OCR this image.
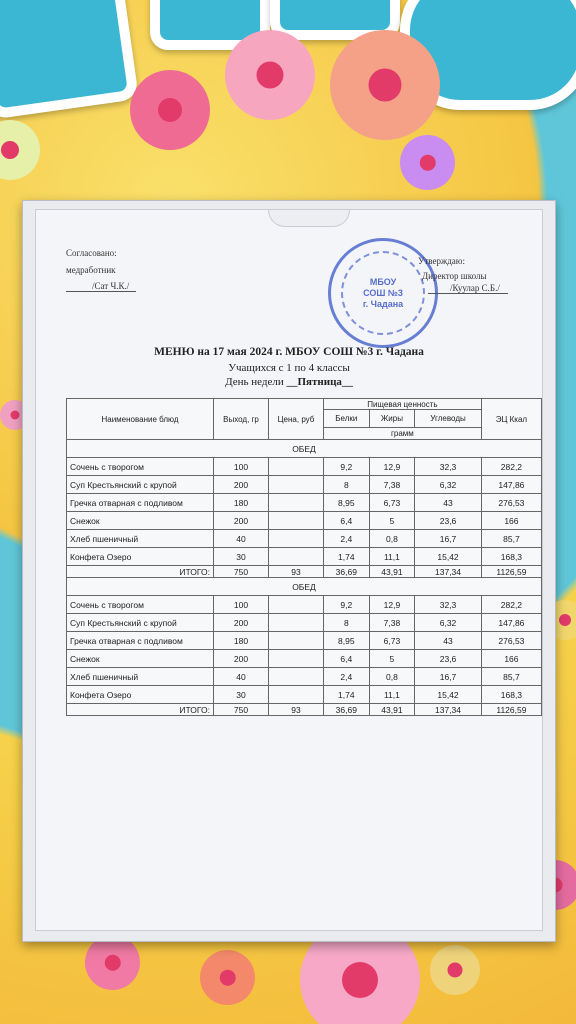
Согласовано:
медработник
/Сат Ч.К./	МБОУ
СОШ №3
г. Чадана
Утверждаю:
Директор школы
/Куулар С.Б./
МЕНЮ на 17 мая 2024 г. МБОУ СОШ №3 г. Чадана
Учащихся с 1 по 4 классы
День недели __Пятница__
Наименование блюд	Выход, гр	Цена, руб	Пищевая ценность			ЭЦ Ккал
			Белки	Жиры	Углеводы	
			грамм			
ОБЕД						
Сочень с творогом	100		9,2	12,9	32,3	282,2
Суп Крестьянский с крупой	200		8	7,38	6,32	147,86
Гречка отварная с подливом	180		8,95	6,73	43	276,53
Снежок	200		6,4	5	23,6	166
Хлеб пшеничный	40		2,4	0,8	16,7	85,7
Конфета Озеро	30		1,74	11,1	15,42	168,3
ИТОГО:	750	93	36,69	43,91	137,34	1126,59
ОБЕД						
Сочень с творогом	100		9,2	12,9	32,3	282,2
Суп Крестьянский с крупой	200		8	7,38	6,32	147,86
Гречка отварная с подливом	180		8,95	6,73	43	276,53
Снежок	200		6,4	5	23,6	166
Хлеб пшеничный	40		2,4	0,8	16,7	85,7
Конфета Озеро	30		1,74	11,1	15,42	168,3
ИТОГО:	750	93	36,69	43,91	137,34	1126,59
